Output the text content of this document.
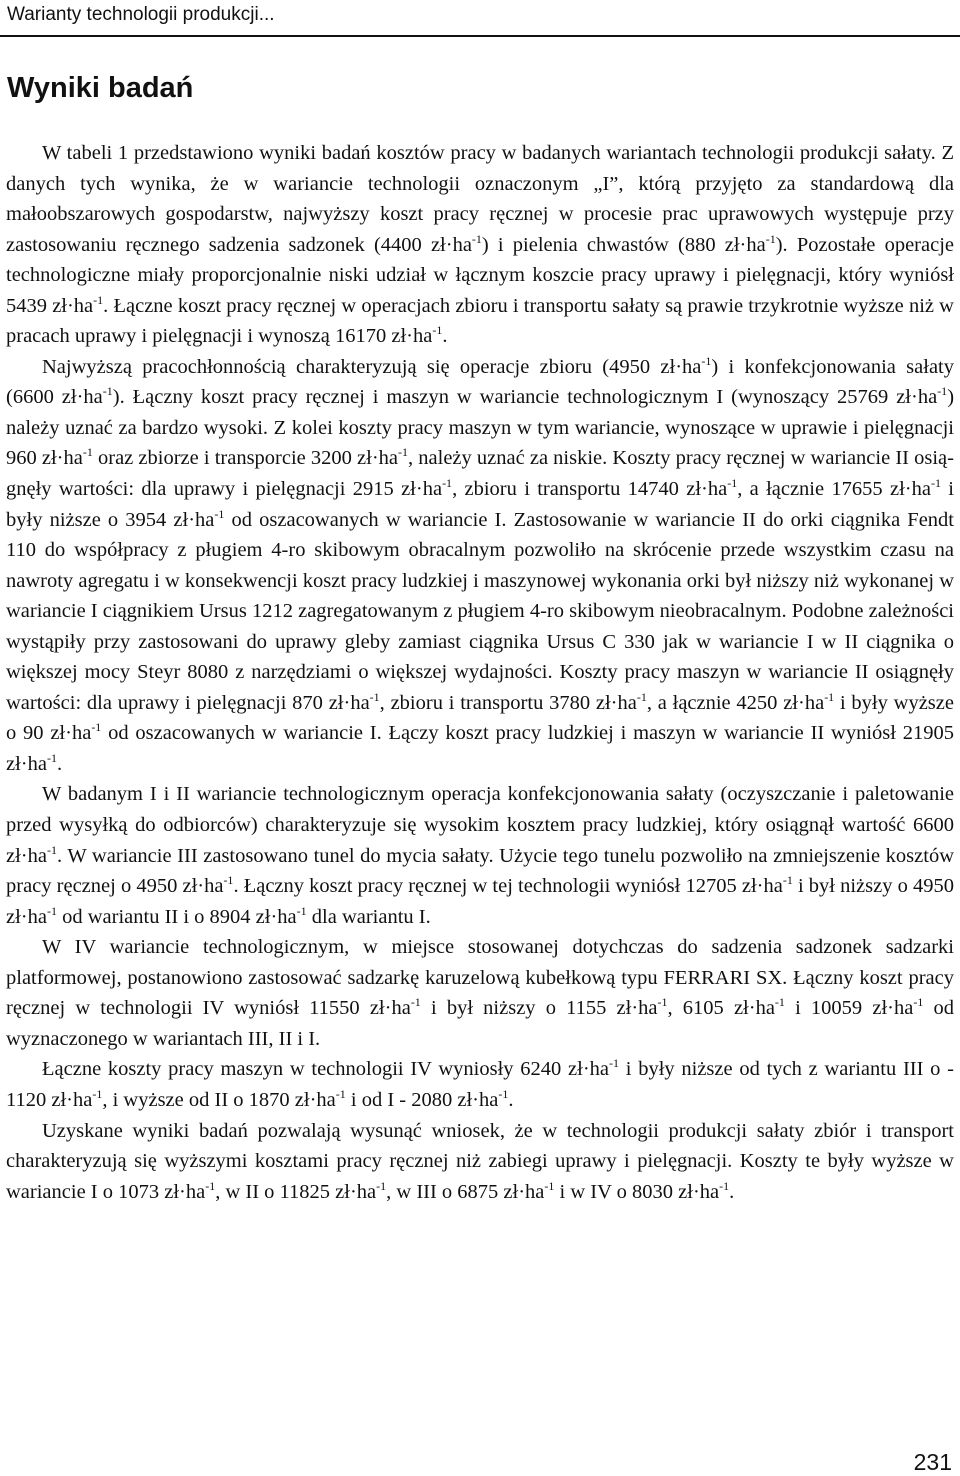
Warianty technologii produkcji...
Wyniki badań

W tabeli 1 przedstawiono wyniki badań kosztów pracy w badanych wariantach technologii produkcji sałaty. Z danych tych wynika, że w wariancie technologii oznaczonym „I”, którą przyjęto za standardową dla małoobszarowych gospodarstw, najwyższy koszt pracy ręcznej w procesie prac uprawowych występuje przy zastosowaniu ręcznego sadzenia sadzonek (4400 $zł\cdot ha^{-1}$) i pielenia chwastów (880 $zł\cdot ha^{-1}$). Pozostałe operacje technologiczne miały proporcjonalnie niski udział w łącznym koszcie pracy uprawy i pielęgnacji, który wyniósł 5439 $zł\cdot ha^{-1}$. Łączne koszt pracy ręcznej w operacjach zbioru i transportu sałaty są prawie trzykrotnie wyższe niż w pracach uprawy i pielęgnacji i wynoszą 16170 $zł\cdot ha^{-1}$.

Najwyższą pracochłonnością charakteryzują się operacje zbioru (4950 $zł\cdot ha^{-1}$) i konfekcjonowania sałaty (6600 $zł\cdot ha^{-1}$). Łączny koszt pracy ręcznej i maszyn w wariancie technologicznym I (wynoszący 25769 $zł\cdot ha^{-1}$) należy uznać za bardzo wysoki. Z kolei koszty pracy maszyn w tym wariancie, wynoszące w uprawie i pielęgnacji 960 $zł\cdot ha^{-1}$ oraz zbiorze i transporcie 3200 $zł\cdot ha^{-1}$, należy uznać za niskie. Koszty pracy ręcznej w wariancie II osiągnęły wartości: dla uprawy i pielęgnacji 2915 $zł\cdot ha^{-1}$, zbioru i transportu 14740 $zł\cdot ha^{-1}$, a łącznie 17655 $zł\cdot ha^{-1}$ i były niższe o 3954 $zł\cdot ha^{-1}$ od oszacowanych w wariancie I. Zastosowanie w wariancie II do orki ciągnika Fendt 110 do współpracy z pługiem 4-ro skibowym obracalnym pozwoliło na skrócenie przede wszystkim czasu na nawroty agregatu i w konsekwencji koszt pracy ludzkiej i maszynowej wykonania orki był niższy niż wykonanej w wariancie I ciągnikiem Ursus 1212 zagregatowanym z pługiem 4-ro skibowym nieobracalnym. Podobne zależności wystąpiły przy zastosowani do uprawy gleby zamiast ciągnika Ursus C 330 jak w wariancie I w II ciągnika o większej mocy Steyr 8080 z narzędziami o większej wydajności. Koszty pracy maszyn w wariancie II osiągnęły wartości: dla uprawy i pielęgnacji 870 $zł\cdot ha^{-1}$, zbioru i transportu 3780 $zł\cdot ha^{-1}$, a łącznie 4250 $zł\cdot ha^{-1}$ i były wyższe o 90 $zł\cdot ha^{-1}$ od oszacowanych w wariancie I. Łączy koszt pracy ludzkiej i maszyn w wariancie II wyniósł 21905 $zł\cdot ha^{-1}$.

W badanym I i II wariancie technologicznym operacja konfekcjonowania sałaty (oczyszczanie i paletowanie przed wysyłką do odbiorców) charakteryzuje się wysokim kosztem pracy ludzkiej, który osiągnął wartość 6600 $zł\cdot ha^{-1}$. W wariancie III zastosowano tunel do mycia sałaty. Użycie tego tunelu pozwoliło na zmniejszenie kosztów pracy ręcznej o 4950 $zł\cdot ha^{-1}$. Łączny koszt pracy ręcznej w tej technologii wyniósł 12705 $zł\cdot ha^{-1}$ i był niższy o 4950 $zł\cdot ha^{-1}$ od wariantu II i o 8904 $zł\cdot ha^{-1}$ dla wariantu I.

W IV wariancie technologicznym, w miejsce stosowanej dotychczas do sadzenia sadzonek sadzarki platformowej, postanowiono zastosować sadzarkę karuzelową kubełkową typu FERRARI SX. Łączny koszt pracy ręcznej w technologii IV wyniósł 11550 $zł\cdot ha^{-1}$ i był niższy o 1155 $zł\cdot ha^{-1}$, 6105 $zł\cdot ha^{-1}$ i 10059 $zł\cdot ha^{-1}$ od wyznaczonego w wariantach III, II i I.

Łączne koszty pracy maszyn w technologii IV wyniosły 6240 $zł\cdot ha^{-1}$ i były niższe od tych z wariantu III o - 1120 $zł\cdot ha^{-1}$, i wyższe od II o 1870 $zł\cdot ha^{-1}$ i od I - 2080 $zł\cdot ha^{-1}$.

Uzyskane wyniki badań pozwalają wysunąć wniosek, że w technologii produkcji sałaty zbiór i transport charakteryzują się wyższymi kosztami pracy ręcznej niż zabiegi uprawy i pielęgnacji. Koszty te były wyższe w wariancie I o 1073 $zł\cdot ha^{-1}$, w II o 11825 $zł\cdot ha^{-1}$, w III o 6875 $zł\cdot ha^{-1}$ i w IV o 8030 $zł\cdot ha^{-1}$.

231
